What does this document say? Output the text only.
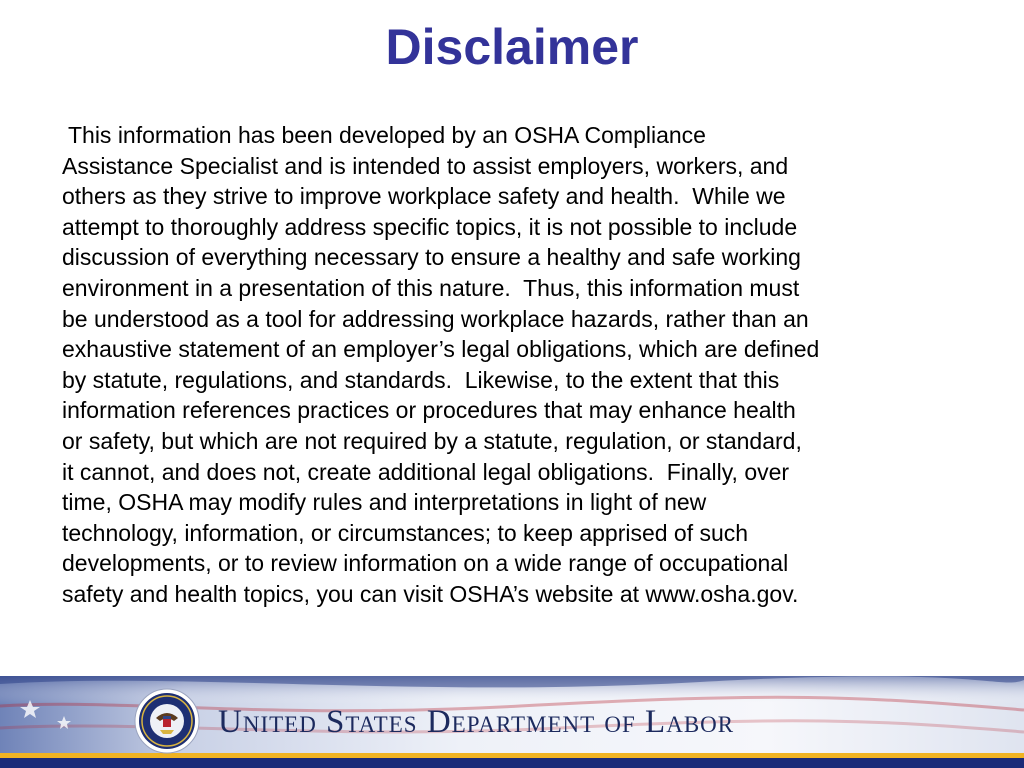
Disclaimer
This information has been developed by an OSHA Compliance
Assistance Specialist and is intended to assist employers, workers, and
others as they strive to improve workplace safety and health.  While we
attempt to thoroughly address specific topics, it is not possible to include
discussion of everything necessary to ensure a healthy and safe working
environment in a presentation of this nature.  Thus, this information must
be understood as a tool for addressing workplace hazards, rather than an
exhaustive statement of an employer’s legal obligations, which are defined
by statute, regulations, and standards.  Likewise, to the extent that this
information references practices or procedures that may enhance health
or safety, but which are not required by a statute, regulation, or standard,
it cannot, and does not, create additional legal obligations.  Finally, over
time, OSHA may modify rules and interpretations in light of new
technology, information, or circumstances; to keep apprised of such
developments, or to review information on a wide range of occupational
safety and health topics, you can visit OSHA’s website at www.osha.gov.
United States Department of Labor
